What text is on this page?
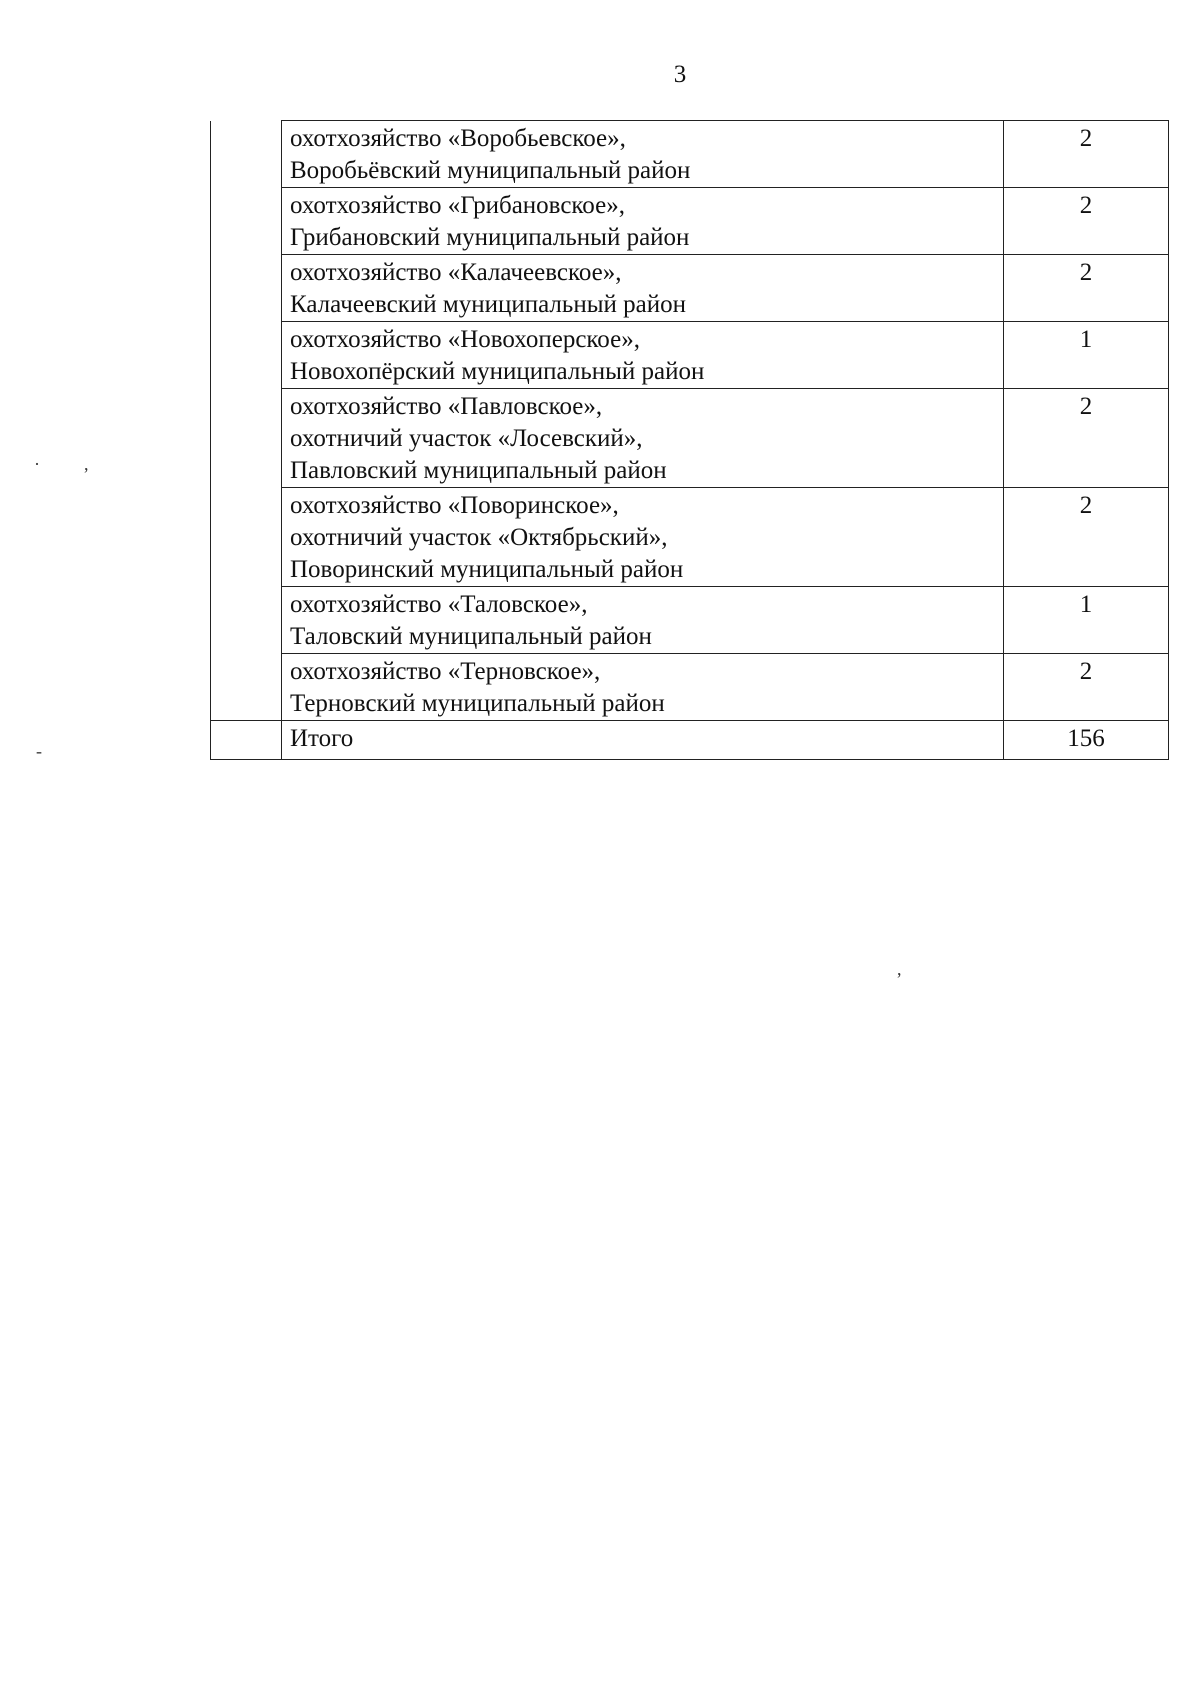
3

	охотхозяйство «Воробьевское»,
Воробьёвский муниципальный район	2

	охотхозяйство «Грибановское»,
Грибановский муниципальный район	2

	охотхозяйство «Калачеевское»,
Калачеевский муниципальный район	2

	охотхозяйство «Новохоперское»,
Новохопёрский муниципальный район	1

	охотхозяйство «Павловское»,
охотничий участок «Лосевский»,
Павловский муниципальный район	2

	охотхозяйство «Поворинское»,
охотничий участок «Октябрьский»,
Поворинский муниципальный район	2

	охотхозяйство «Таловское»,
Таловский муниципальный район	1

	охотхозяйство «Терновское»,
Терновский муниципальный район	2
	Итого	156
· ,
-
,
